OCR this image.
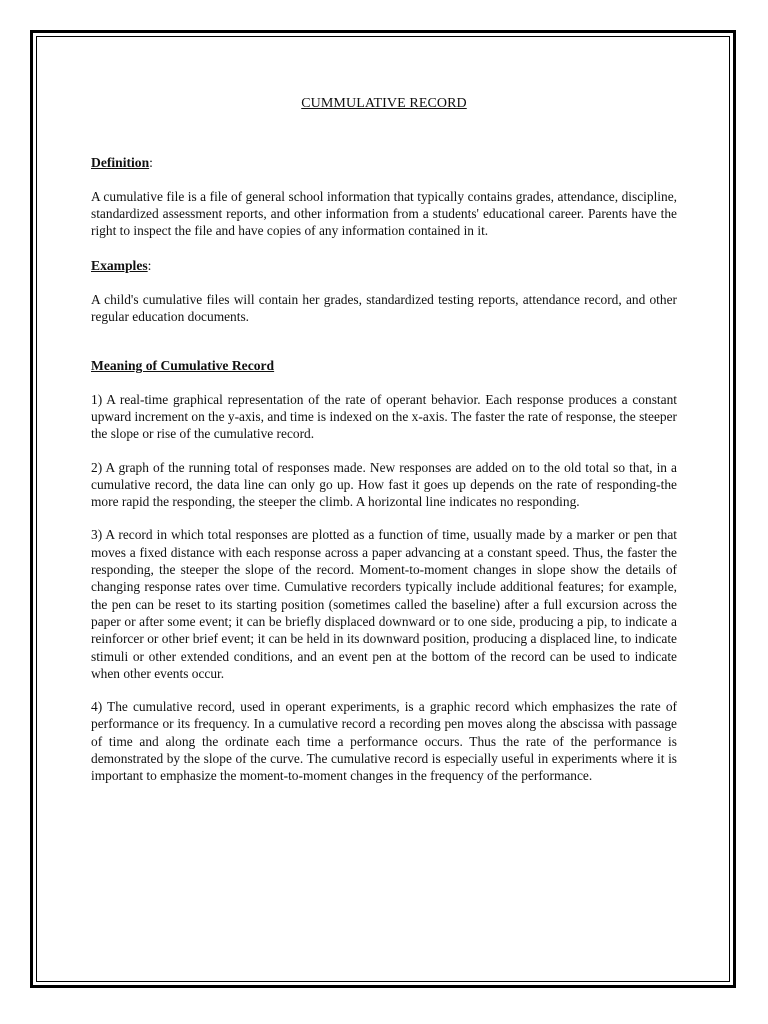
CUMMULATIVE RECORD

Definition:

A cumulative file is a file of general school information that typically contains grades, attendance, discipline, standardized assessment reports, and other information from a students' educational career. Parents have the right to inspect the file and have copies of any information contained in it.

Examples:

A child's cumulative files will contain her grades, standardized testing reports, attendance record, and other regular education documents.

Meaning of Cumulative Record

1) A real-time graphical representation of the rate of operant behavior. Each response produces a constant upward increment on the y-axis, and time is indexed on the x-axis. The faster the rate of response, the steeper the slope or rise of the cumulative record.

2) A graph of the running total of responses made. New responses are added on to the old total so that, in a cumulative record, the data line can only go up. How fast it goes up depends on the rate of responding-the more rapid the responding, the steeper the climb. A horizontal line indicates no responding.

3) A record in which total responses are plotted as a function of time, usually made by a marker or pen that moves a fixed distance with each response across a paper advancing at a constant speed. Thus, the faster the responding, the steeper the slope of the record. Moment-to-moment changes in slope show the details of changing response rates over time. Cumulative recorders typically include additional features; for example, the pen can be reset to its starting position (sometimes called the baseline) after a full excursion across the paper or after some event; it can be briefly displaced downward or to one side, producing a pip, to indicate a reinforcer or other brief event; it can be held in its downward position, producing a displaced line, to indicate stimuli or other extended conditions, and an event pen at the bottom of the record can be used to indicate when other events occur.

4) The cumulative record, used in operant experiments, is a graphic record which emphasizes the rate of performance or its frequency. In a cumulative record a recording pen moves along the abscissa with passage of time and along the ordinate each time a performance occurs. Thus the rate of the performance is demonstrated by the slope of the curve. The cumulative record is especially useful in experiments where it is important to emphasize the moment-to-moment changes in the frequency of the performance.
